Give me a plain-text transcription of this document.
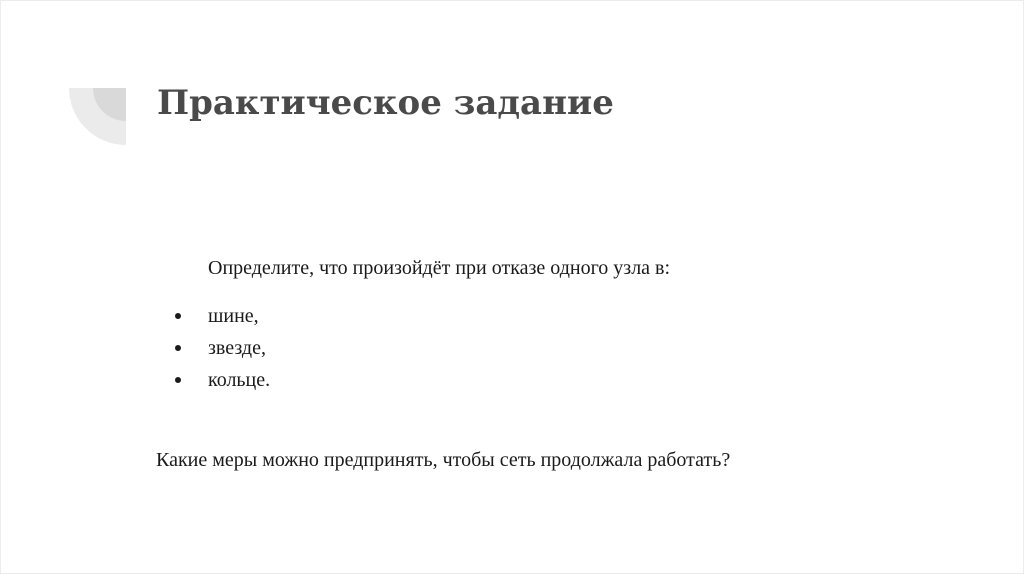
Практическое задание
Определите, что произойдёт при отказе одного узла в:
шине,
звезде,
кольце.
Какие меры можно предпринять, чтобы сеть продолжала работать?
